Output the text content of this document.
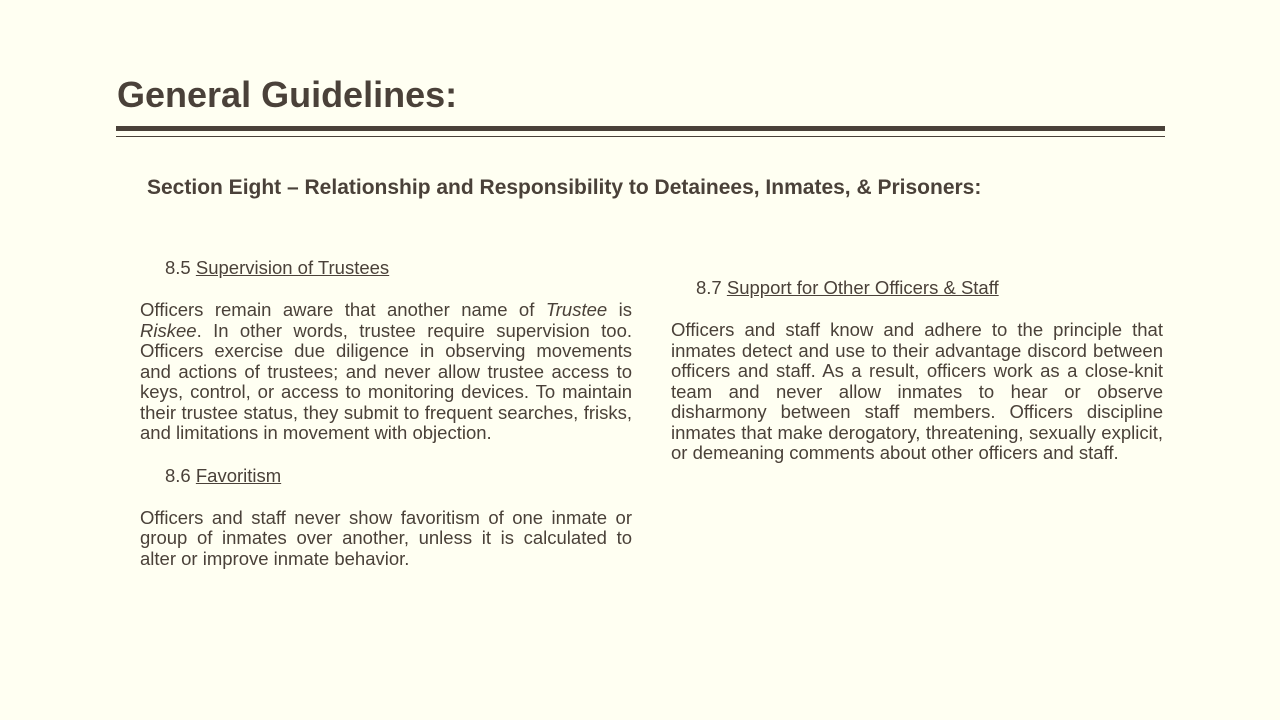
General Guidelines:
Section Eight – Relationship and Responsibility to Detainees, Inmates, & Prisoners:

8.5 Supervision of Trustees

Officers remain aware that another name of Trustee is Riskee. In other words, trustee require supervision too. Officers exercise due diligence in observing movements and actions of trustees; and never allow trustee access to keys, control, or access to monitoring devices. To maintain their trustee status, they submit to frequent searches, frisks, and limitations in movement with objection.

8.6 Favoritism

Officers and staff never show favoritism of one inmate or group of inmates over another, unless it is calculated to alter or improve inmate behavior.

8.7 Support for Other Officers & Staff

Officers and staff know and adhere to the principle that inmates detect and use to their advantage discord between officers and staff. As a result, officers work as a close-knit team and never allow inmates to hear or observe disharmony between staff members. Officers discipline inmates that make derogatory, threatening, sexually explicit, or demeaning comments about other officers and staff.
